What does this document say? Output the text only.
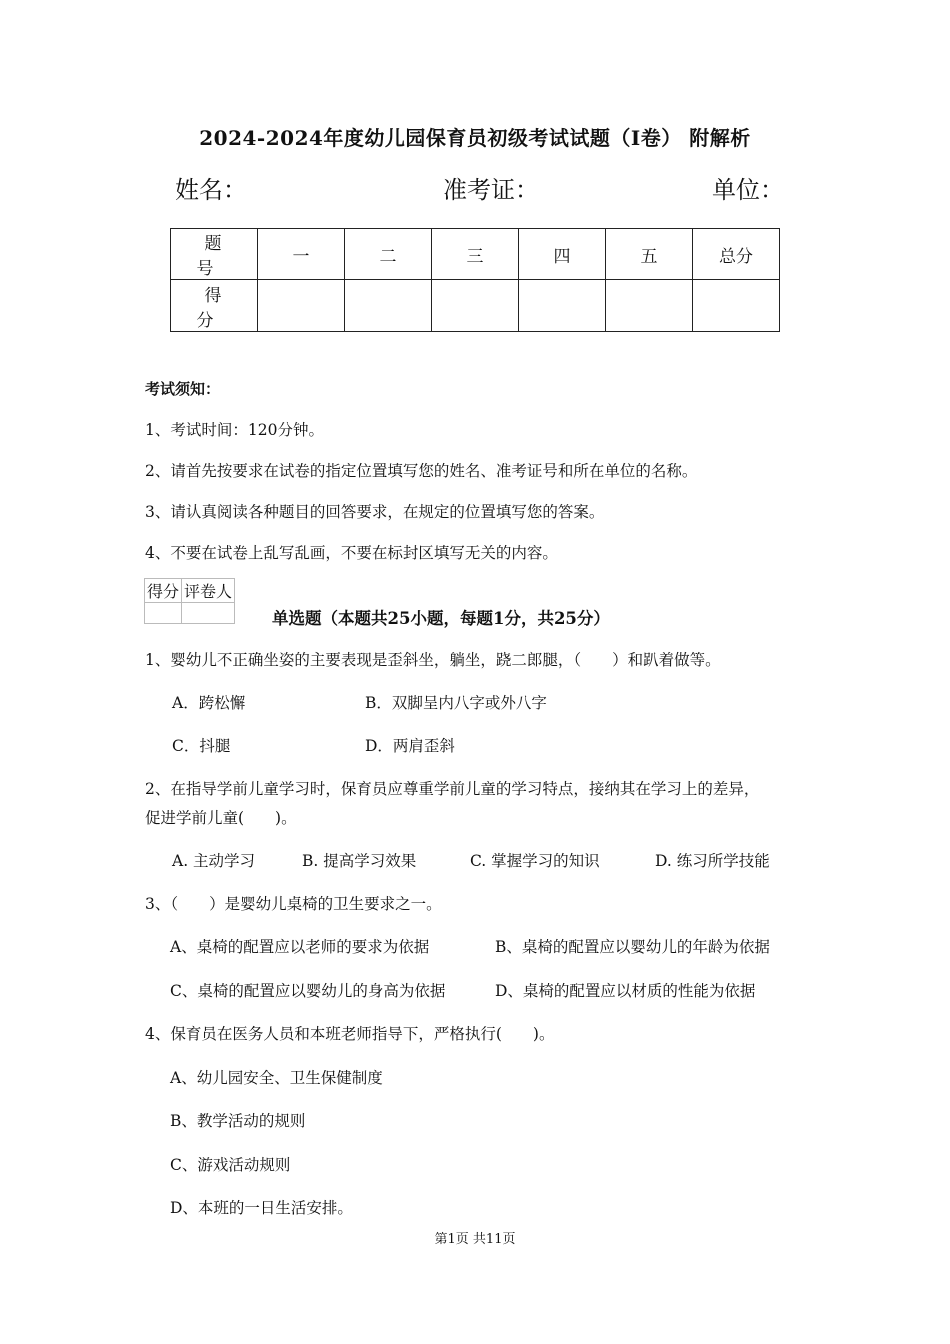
2024-2024年度幼儿园保育员初级考试试题（I卷） 附解析
姓名：	准考证：	单位：
题 号	一	二	三	四	五	总分
得 分						
考试须知：
1、考试时间：120分钟。
2、请首先按要求在试卷的指定位置填写您的姓名、准考证号和所在单位的名称。
3、请认真阅读各种题目的回答要求，在规定的位置填写您的答案。
4、不要在试卷上乱写乱画，不要在标封区填写无关的内容。
得分	评卷人

单选题（本题共25小题，每题1分，共25分）
1、婴幼儿不正确坐姿的主要表现是歪斜坐，躺坐，跷二郎腿，（　　）和趴着做等。
A．跨松懈	B．双脚呈内八字或外八字
C．抖腿	D．两肩歪斜
2、在指导学前儿童学习时，保育员应尊重学前儿童的学习特点，接纳其在学习上的差异，
促进学前儿童(　　)。
A. 主动学习	B. 提高学习效果	C. 掌握学习的知识	D. 练习所学技能
3、（　　）是婴幼儿桌椅的卫生要求之一。
A、桌椅的配置应以老师的要求为依据	B、桌椅的配置应以婴幼儿的年龄为依据
C、桌椅的配置应以婴幼儿的身高为依据	D、桌椅的配置应以材质的性能为依据
4、保育员在医务人员和本班老师指导下，严格执行(　　)。
A、幼儿园安全、卫生保健制度
B、教学活动的规则
C、游戏活动规则
D、本班的一日生活安排。
第1页 共11页
